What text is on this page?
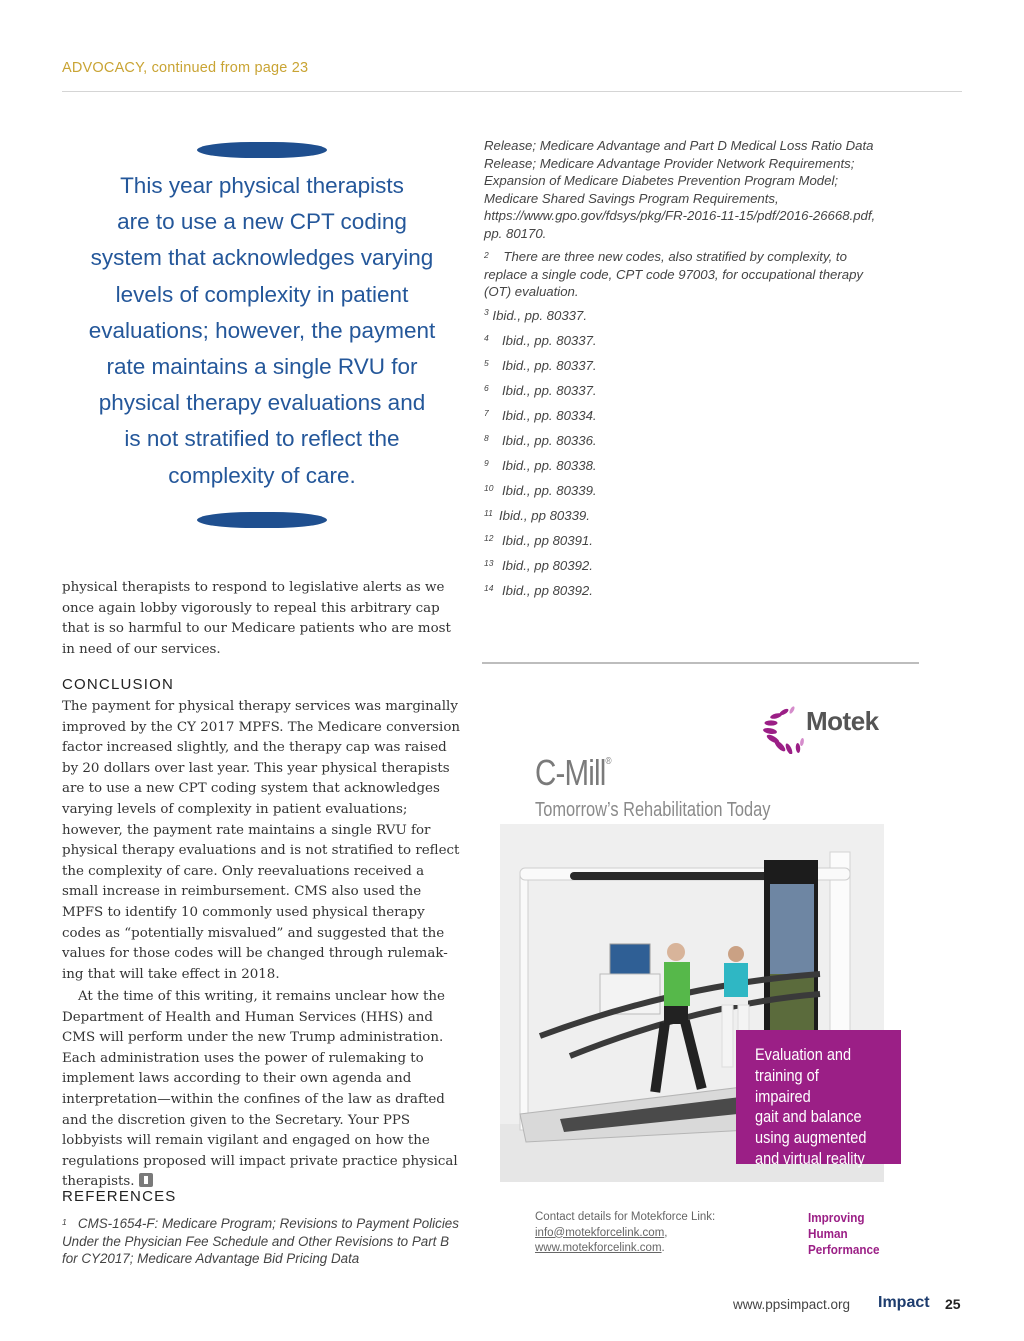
ADVOCACY, continued from page 23
This year physical therapists
are to use a new CPT coding
system that acknowledges varying
levels of complexity in patient
evaluations; however, the payment
rate maintains a single RVU for
physical therapy evaluations and
is not stratified to reflect the
complexity of care.
physical therapists to respond to legislative alerts as we once again lobby vigorously to repeal this arbitrary cap that is so harmful to our Medicare patients who are most in need of our services.
CONCLUSION
The payment for physical therapy services was marginally improved by the CY 2017 MPFS. The Medicare conversion factor increased slightly, and the therapy cap was raised by 20 dollars over last year. This year physical therapists are to use a new CPT coding system that acknowledges varying levels of complexity in patient evaluations; however, the payment rate maintains a single RVU for physical therapy evaluations and is not stratified to reflect the complexity of care. Only reevaluations received a small increase in reimbursement. CMS also used the MPFS to identify 10 commonly used physical therapy codes as “potentially misvalued” and suggested that the values for those codes will be changed through rulemak-ing that will take effect in 2018.
At the time of this writing, it remains unclear how the Department of Health and Human Services (HHS) and CMS will perform under the new Trump administration. Each administration uses the power of rulemaking to implement laws according to their own agenda and interpretation—within the confines of the law as drafted and the discretion given to the Secretary. Your PPS lobbyists will remain vigilant and engaged on how the regulations proposed will impact private practice physical therapists.
REFERENCES
$^1$ CMS-1654-F: Medicare Program; Revisions to Payment Policies Under the Physician Fee Schedule and Other Revisions to Part B for CY2017; Medicare Advantage Bid Pricing Data
Release; Medicare Advantage and Part D Medical Loss Ratio Data Release; Medicare Advantage Provider Network Requirements; Expansion of Medicare Diabetes Prevention Program Model; Medicare Shared Savings Program Requirements, https://www.gpo.gov/fdsys/pkg/FR-2016-11-15/pdf/2016-26668.pdf, pp. 80170.
$^2$ There are three new codes, also stratified by complexity, to replace a single code, CPT code 97003, for occupational therapy (OT) evaluation.
$^3$ Ibid., pp. 80337.
4 Ibid., pp. 80337.
5 Ibid., pp. 80337.
6 Ibid., pp. 80337.
7 Ibid., pp. 80334.
8 Ibid., pp. 80336.
9 Ibid., pp. 80338.
10 Ibid., pp. 80339.
11 Ibid., pp 80339.
12 Ibid., pp 80391.
13 Ibid., pp 80392.
14 Ibid., pp 80392.
Motek
C-Mill®
Tomorrow’s Rehabilitation Today
Evaluation and
training of impaired
gait and balance
using augmented
and virtual reality
Contact details for Motekforce Link:
info@motekforcelink.com,
www.motekforcelink.com.
Improving
Human
Performance
www.ppsimpact.org Impact 25
